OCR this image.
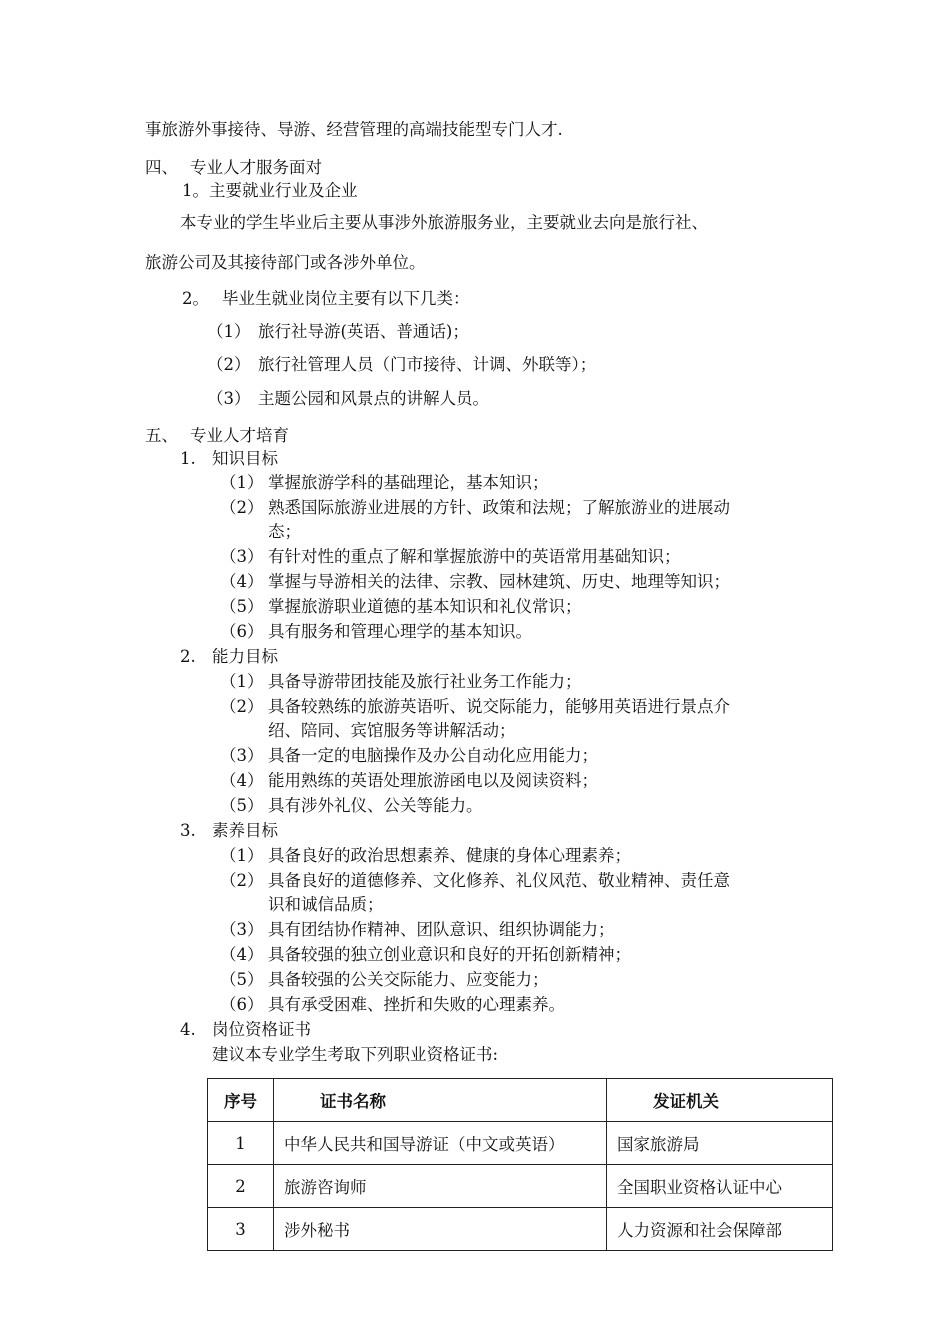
事旅游外事接待、导游、经营管理的高端技能型专门人才.
四、 专业人才服务面对
1。主要就业行业及企业
本专业的学生毕业后主要从事涉外旅游服务业，主要就业去向是旅行社、
旅游公司及其接待部门或各涉外单位。
2。 毕业生就业岗位主要有以下几类：
（1） 旅行社导游(英语、普通话)；
（2） 旅行社管理人员（门市接待、计调、外联等）；
（3） 主题公园和风景点的讲解人员。
五、 专业人才培育
1. 知识目标
（1） 掌握旅游学科的基础理论，基本知识；
（2） 熟悉国际旅游业进展的方针、政策和法规；了解旅游业的进展动
态；
（3） 有针对性的重点了解和掌握旅游中的英语常用基础知识；
（4） 掌握与导游相关的法律、宗教、园林建筑、历史、地理等知识；
（5） 掌握旅游职业道德的基本知识和礼仪常识；
（6） 具有服务和管理心理学的基本知识。
2. 能力目标
（1） 具备导游带团技能及旅行社业务工作能力；
（2） 具备较熟练的旅游英语听、说交际能力，能够用英语进行景点介
绍、陪同、宾馆服务等讲解活动；
（3） 具备一定的电脑操作及办公自动化应用能力；
（4） 能用熟练的英语处理旅游函电以及阅读资料；
（5） 具有涉外礼仪、公关等能力。
3. 素养目标
（1） 具备良好的政治思想素养、健康的身体心理素养；
（2） 具备良好的道德修养、文化修养、礼仪风范、敬业精神、责任意
识和诚信品质；
（3） 具有团结协作精神、团队意识、组织协调能力；
（4） 具备较强的独立创业意识和良好的开拓创新精神；
（5） 具备较强的公关交际能力、应变能力；
（6） 具有承受困难、挫折和失败的心理素养。
4. 岗位资格证书
建议本专业学生考取下列职业资格证书:
序号	证书名称	发证机关
1	中华人民共和国导游证（中文或英语）	国家旅游局
2	旅游咨询师	全国职业资格认证中心
3	涉外秘书	人力资源和社会保障部
